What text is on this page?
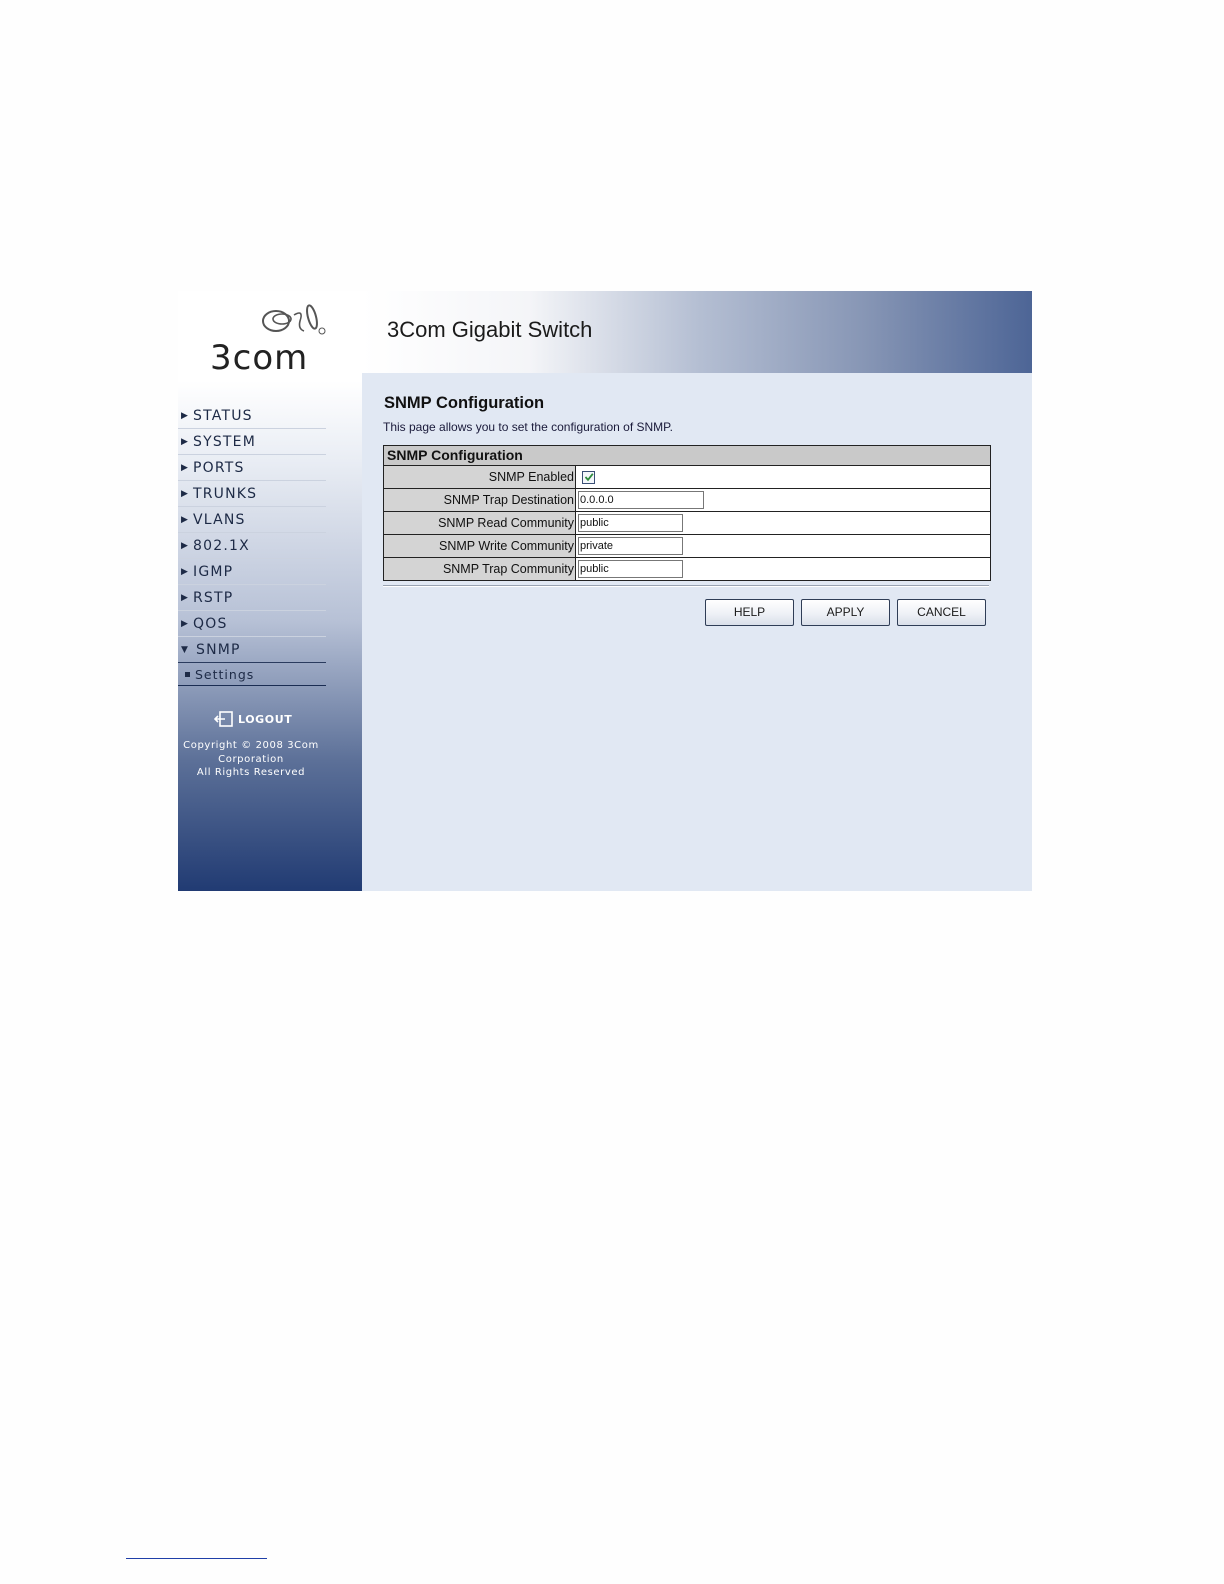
3com
▶ STATUS
▶ SYSTEM
▶ PORTS
▶ TRUNKS
▶ VLANS
▶ 802.1X
▶ IGMP
▶ RSTP
▶ QOS
▼ SNMP
Settings
LOGOUT
Copyright © 2008 3Com
Corporation
All Rights Reserved
3Com Gigabit Switch
SNMP Configuration
This page allows you to set the configuration of SNMP.
SNMP Configuration
SNMP Enabled
SNMP Trap Destination
0.0.0.0
SNMP Read Community
public
SNMP Write Community
private
SNMP Trap Community
public
HELP	APPLY	CANCEL
